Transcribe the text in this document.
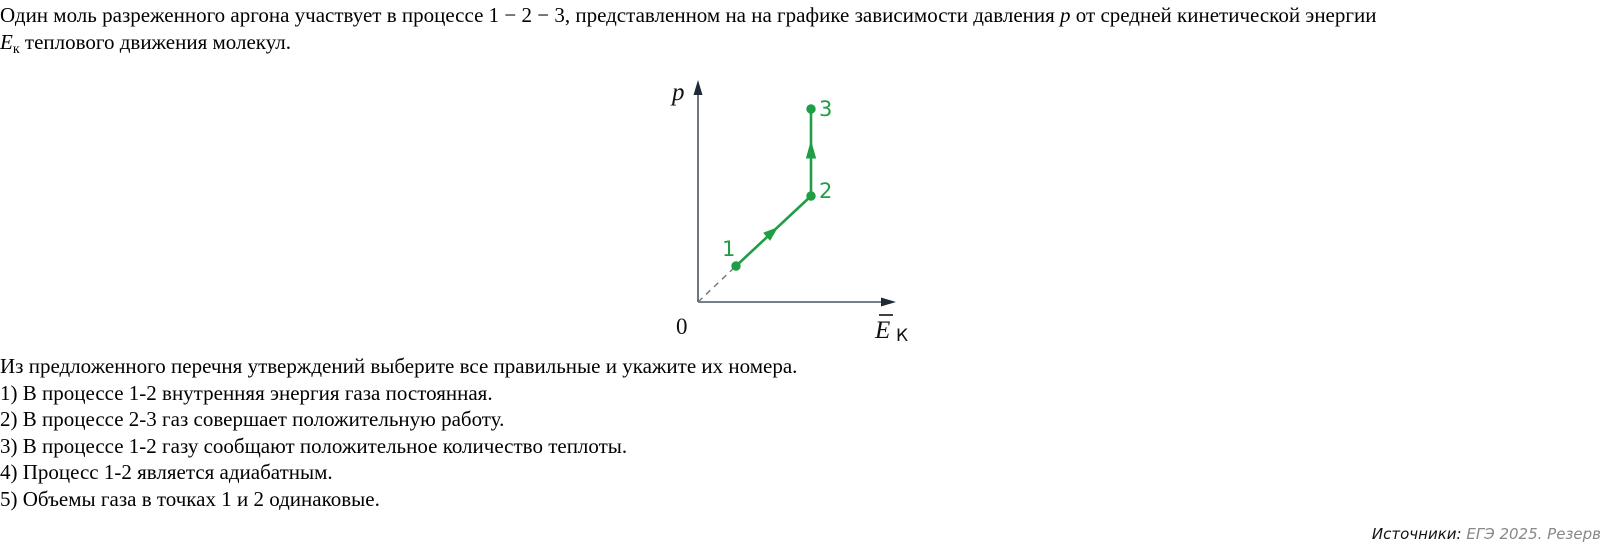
Один моль разреженного аргона участвует в процессе 1 − 2 − 3, представленном на на графике зависимости давления p от средней кинетической энергии
Eк теплового движения молекул.
1
2
3
p
0	E К
Из предложенного перечня утверждений выберите все правильные и укажите их номера.
1) В процессе 1-2 внутренняя энергия газа постоянная.
2) В процессе 2-3 газ совершает положительную работу.
3) В процессе 1-2 газу сообщают положительное количество теплоты.
4) Процесс 1-2 является адиабатным.
5) Объемы газа в точках 1 и 2 одинаковые.
Источники: ЕГЭ 2025. Резерв
